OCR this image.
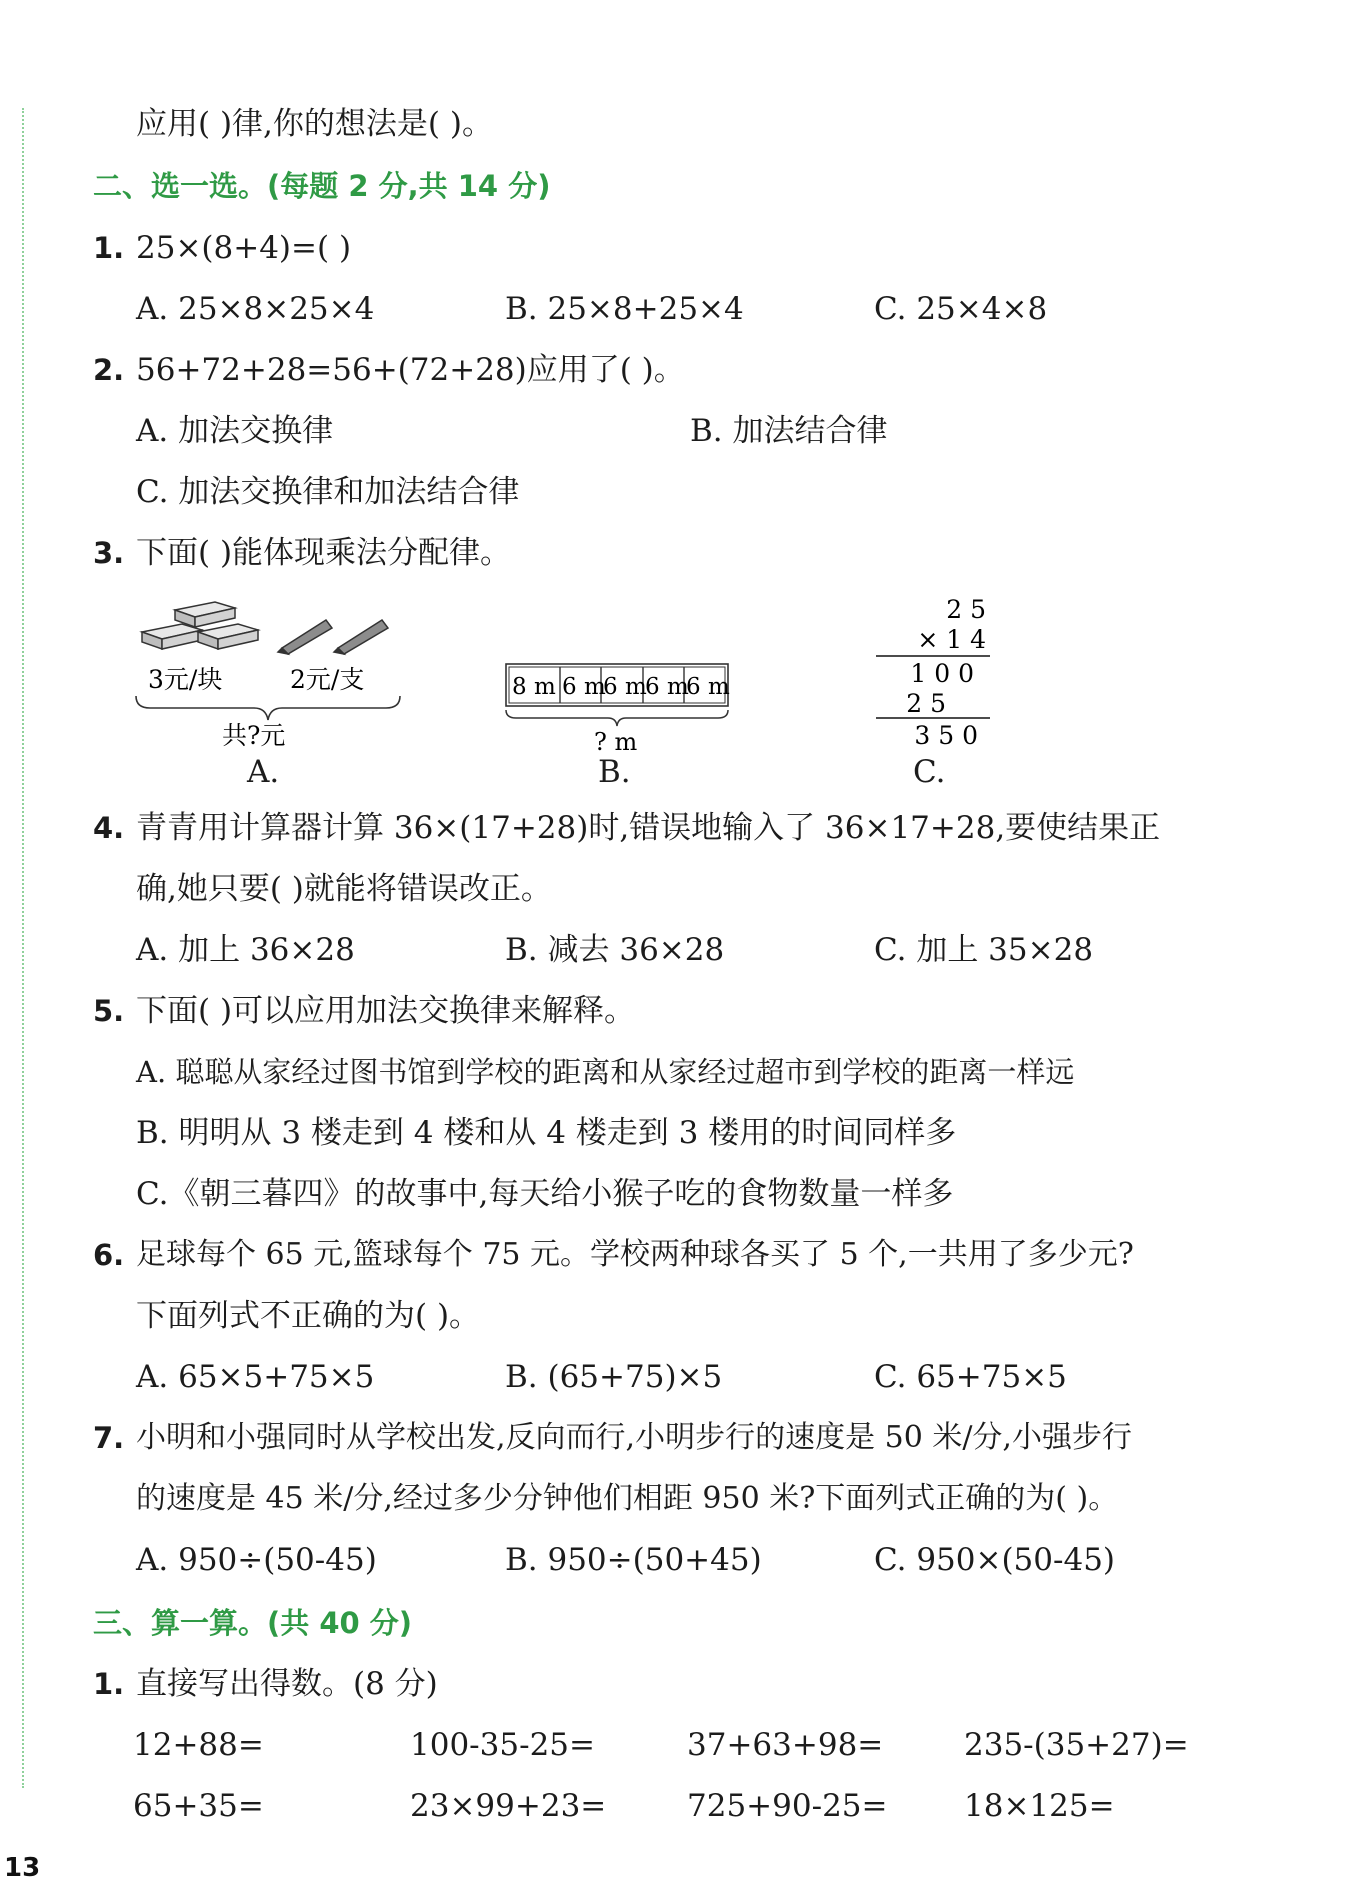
13
应用( )律,你的想法是( )。
二、选一选。(每题 2 分,共 14 分)
1. 25×(8+4)=( )
A. 25×8×25×4	B. 25×8+25×4	C. 25×4×8
2. 56+72+28=56+(72+28)应用了( )。
A. 加法交换律	B. 加法结合律
C. 加法交换律和加法结合律
3. 下面( )能体现乘法分配律。
3元/块	2元/支
共?元
A.
8 m 6 m
6 m
6 m
6 m
? m
B.
2 5
× 1 4
1 0 0
2 5
3 5 0
C.
4. 青青用计算器计算 36×(17+28)时,错误地输入了 36×17+28,要使结果正
确,她只要( )就能将错误改正。
A. 加上 36×28	B. 减去 36×28	C. 加上 35×28
5. 下面( )可以应用加法交换律来解释。
A. 聪聪从家经过图书馆到学校的距离和从家经过超市到学校的距离一样远
B. 明明从 3 楼走到 4 楼和从 4 楼走到 3 楼用的时间同样多
C.《朝三暮四》的故事中,每天给小猴子吃的食物数量一样多
6. 足球每个 65 元,篮球每个 75 元。学校两种球各买了 5 个,一共用了多少元?
下面列式不正确的为( )。
A. 65×5+75×5	B. (65+75)×5	C. 65+75×5
7. 小明和小强同时从学校出发,反向而行,小明步行的速度是 50 米/分,小强步行
的速度是 45 米/分,经过多少分钟他们相距 950 米?下面列式正确的为( )。
A. 950÷(50-45)	B. 950÷(50+45)	C. 950×(50-45)
三、算一算。(共 40 分)
1. 直接写出得数。(8 分)
12+88=	100-35-25=	37+63+98=	235-(35+27)=
65+35=	23×99+23=	725+90-25= 18×125=
